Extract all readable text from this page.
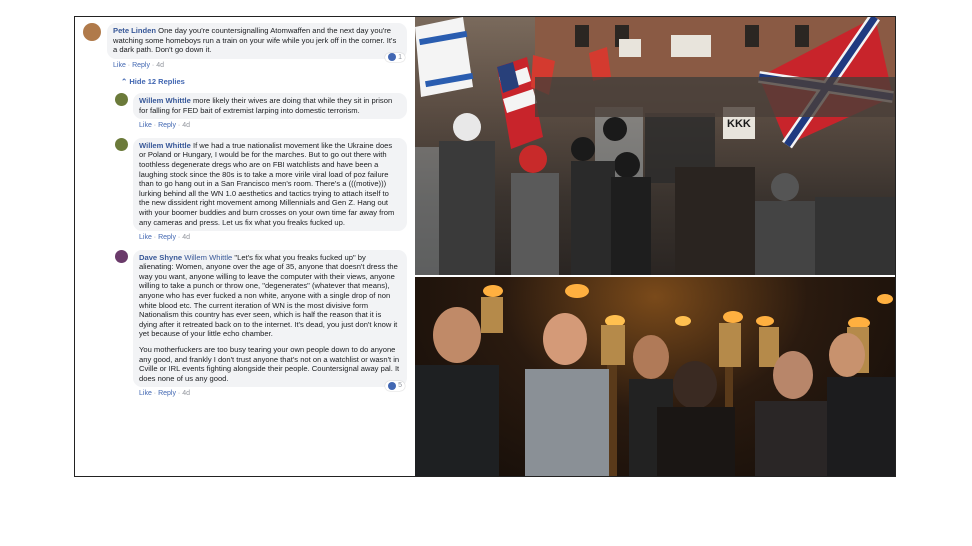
Pete Linden One day you're countersignalling Atomwaffen and the next day you're watching some homeboys run a train on your wife while you jerk off in the corner. It's a dark path. Don't go down it.
Like · Reply · 4d
1
⌃ Hide 12 Replies
Willem Whittle more likely their wives are doing that while they sit in prison for falling for FED bait of extremist larping into domestic terrorism.
Like · Reply · 4d
Willem Whittle If we had a true nationalist movement like the Ukraine does or Poland or Hungary, I would be for the marches. But to go out there with toothless degenerate dregs who are on FBI watchlists and have been a laughing stock since the 80s is to take a more virile viral load of poz failure than to go hang out in a San Francisco men's room. There's a (((motive))) lurking behind all the WN 1.0 aesthetics and tactics trying to attach itself to the new dissident right movement among Millennials and Gen Z. Hang out with your boomer buddies and burn crosses on your own time far away from any cameras and press. Let us fix what you freaks fucked up.
Like · Reply · 4d
Dave Shyne Willem Whittle "Let's fix what you freaks fucked up" by alienating: Women, anyone over the age of 35, anyone that doesn't dress the way you want, anyone willing to leave the computer with their views, anyone willing to take a punch or throw one, "degenerates" (whatever that means), anyone who has ever fucked a non white, anyone with a single drop of non white blood etc. The current iteration of WN is the most divisive form Nationalism this country has ever seen, which is half the reason that it is dying after it retreated back on to the internet. It's dead, you just don't know it yet because of your little echo chamber.
You motherfuckers are too busy tearing your own people down to do anyone any good, and frankly I don't trust anyone that's not on a watchlist or wasn't in Cville or IRL events fighting alongside their people. Countersignal away pal. It does none of us any good.
Like · Reply · 4d
5
KKK
